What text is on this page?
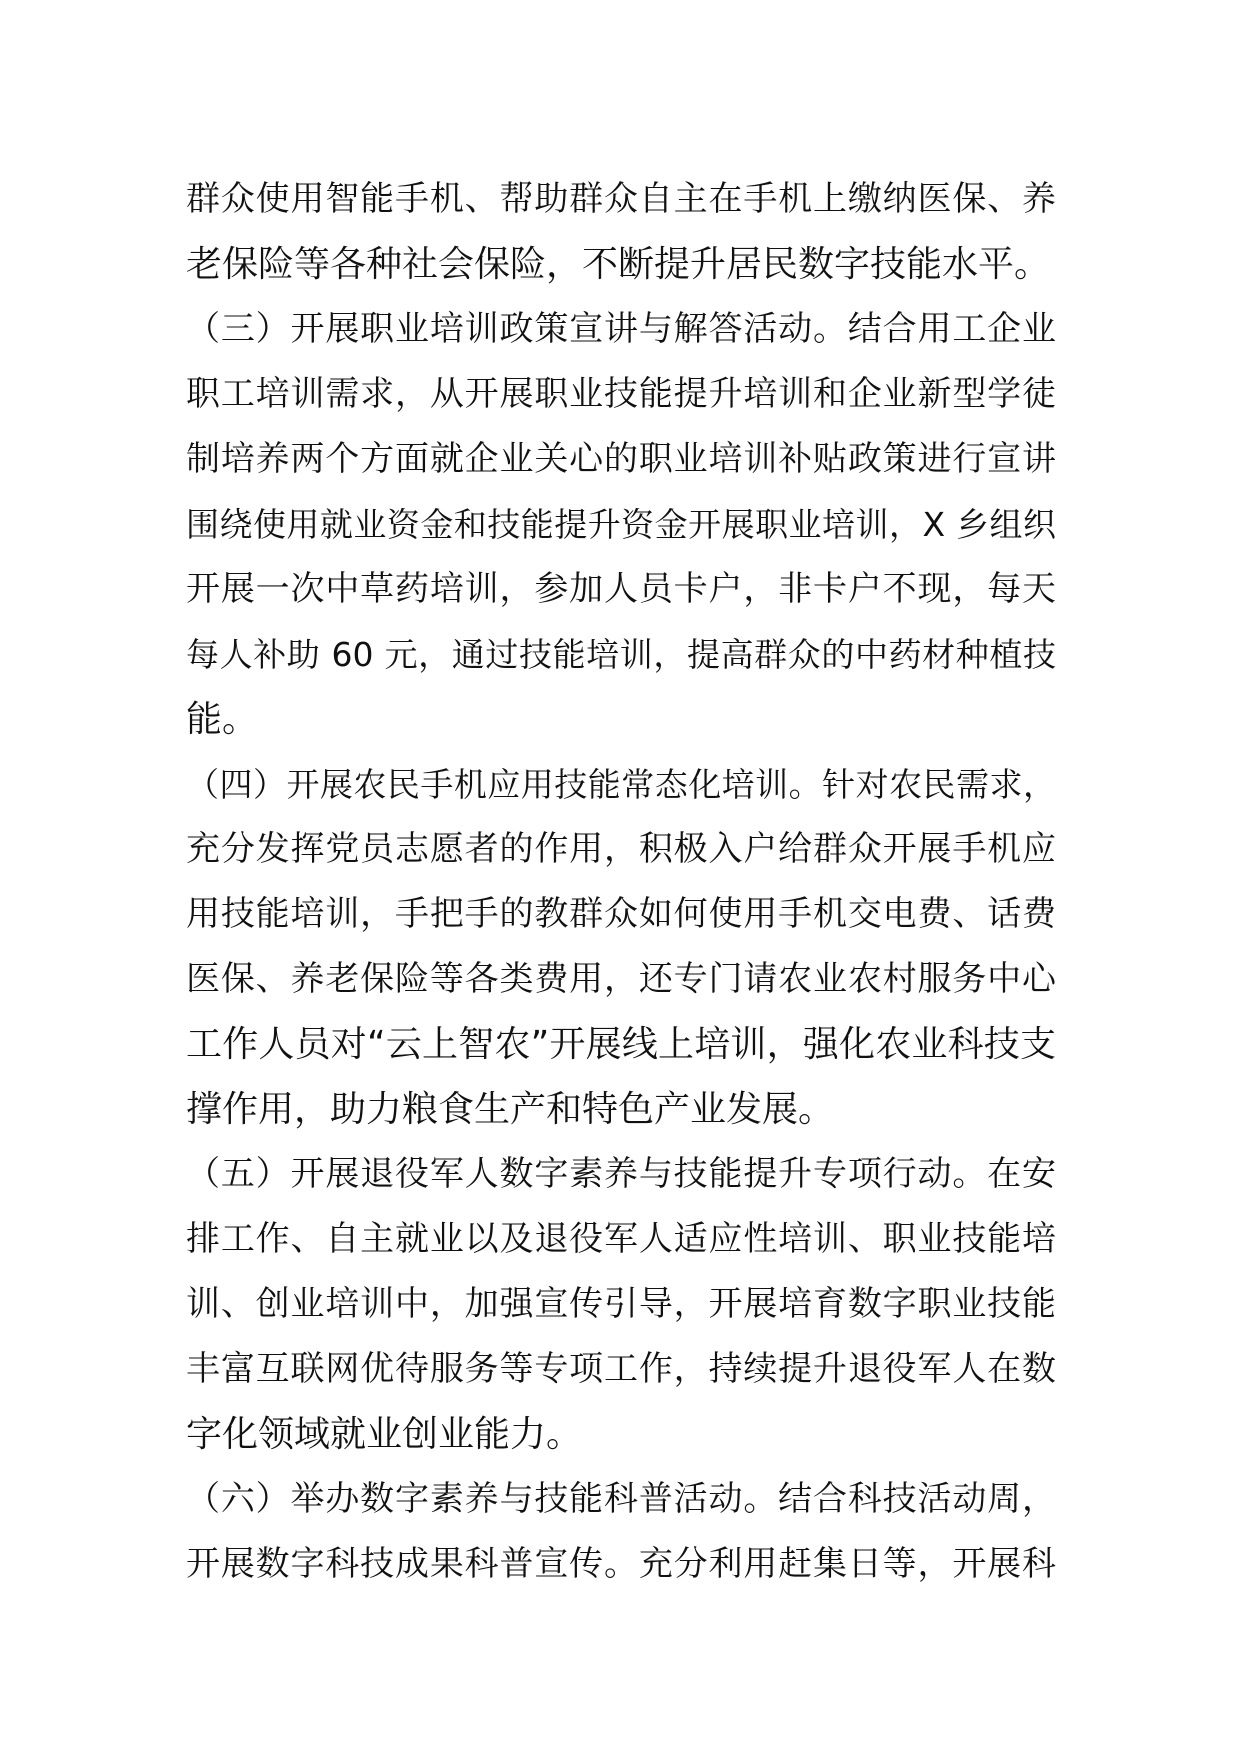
群众使用智能手机、帮助群众自主在手机上缴纳医保、养
老保险等各种社会保险，不断提升居民数字技能水平。
（三）开展职业培训政策宣讲与解答活动。结合用工企业
职工培训需求，从开展职业技能提升培训和企业新型学徒
制培养两个方面就企业关心的职业培训补贴政策进行宣讲
围绕使用就业资金和技能提升资金开展职业培训，X 乡组织
开展一次中草药培训，参加人员卡户，非卡户不现，每天
每人补助 60 元，通过技能培训，提高群众的中药材种植技
能。
（四）开展农民手机应用技能常态化培训。针对农民需求，
充分发挥党员志愿者的作用，积极入户给群众开展手机应
用技能培训，手把手的教群众如何使用手机交电费、话费
医保、养老保险等各类费用，还专门请农业农村服务中心
工作人员对“云上智农”开展线上培训，强化农业科技支
撑作用，助力粮食生产和特色产业发展。
（五）开展退役军人数字素养与技能提升专项行动。在安
排工作、自主就业以及退役军人适应性培训、职业技能培
训、创业培训中，加强宣传引导，开展培育数字职业技能
丰富互联网优待服务等专项工作，持续提升退役军人在数
字化领域就业创业能力。
（六）举办数字素养与技能科普活动。结合科技活动周，
开展数字科技成果科普宣传。充分利用赶集日等，开展科
